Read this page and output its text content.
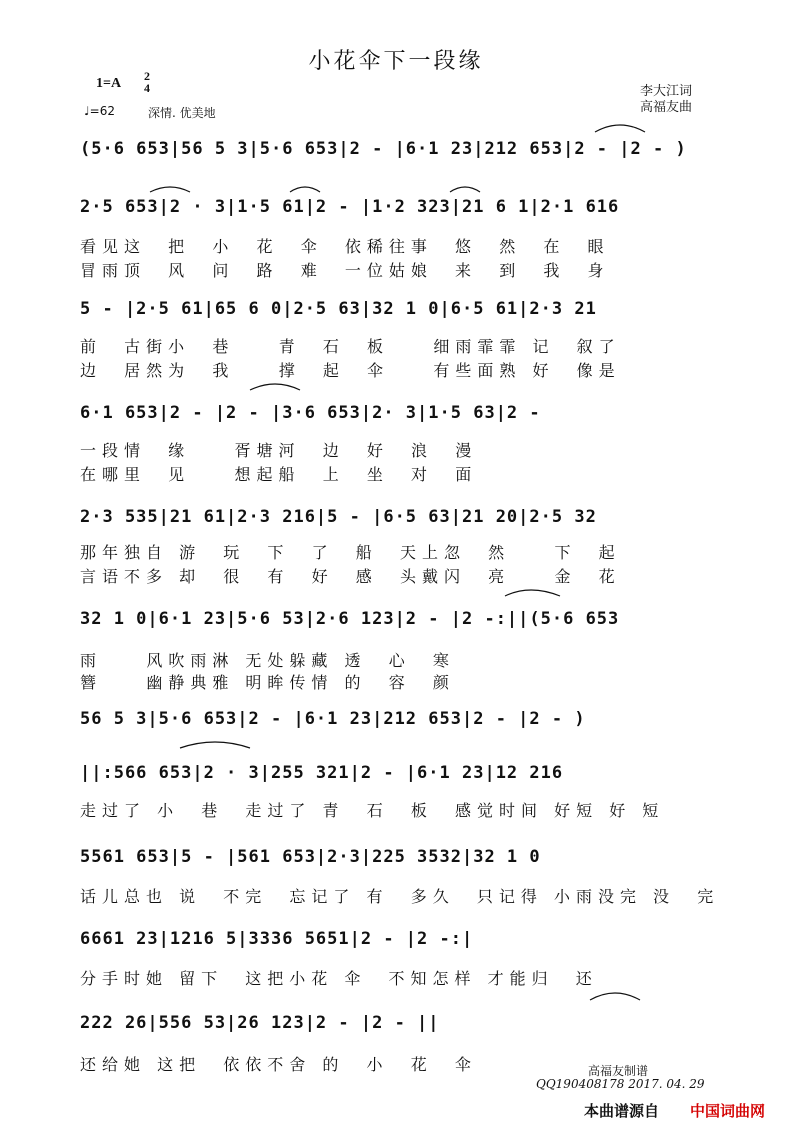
小花伞下一段缘
1=A 2
4
♩=62	深情. 优美地
李大江词
高福友曲
(5·6 653|56 5 3|5·6 653|2 - |6·1 23|212 653|2 - |2 - )
2·5 653|2 · 3|1·5 61|2 - |1·2 323|21 6 1|2·1 616
5 - |2·5 61|65 6 0|2·5 63|32 1 0|6·5 61|2·3 21
6·1 653|2 - |2 - |3·6 653|2· 3|1·5 63|2 -
2·3 535|21 61|2·3 216|5 - |6·5 63|21 20|2·5 32
32 1 0|6·1 23|5·6 53|2·6 123|2 - |2 -:||(5·6 653
56 5 3|5·6 653|2 - |6·1 23|212 653|2 - |2 - )
||:566 653|2 · 3|255 321|2 - |6·1 23|12 216
5561 653|5 - |561 653|2·3|225 3532|32 1 0
6661 23|1216 5|3336 5651|2 - |2 -:|
222 26|556 53|26 123|2 - |2 - ||
看见这  把  小  花  伞  依稀往事  悠  然  在  眼
冒雨顶  风  问  路  难  一位姑娘  来  到  我  身
前  古街小  巷    青  石  板    细雨霏霏 记  叙了
边  居然为  我    撑  起  伞    有些面熟 好  像是
一段情  缘    胥塘河  边  好  浪  漫
在哪里  见    想起船  上  坐  对  面
那年独自 游  玩  下  了  船  天上忽  然    下  起
言语不多 却  很  有  好  感  头戴闪  亮    金  花
雨    风吹雨淋 无处躲藏 透  心  寒
簪    幽静典雅 明眸传情 的  容  颜
走过了 小  巷  走过了 青  石  板  感觉时间 好短 好 短
话儿总也 说  不完  忘记了 有  多久  只记得 小雨没完 没  完
分手时她 留下  这把小花 伞  不知怎样 才能归  还
还给她 这把  依依不舍 的  小  花  伞	高福友制谱
QQ190408178 2017. 04. 29
本曲谱源自 中国词曲网
